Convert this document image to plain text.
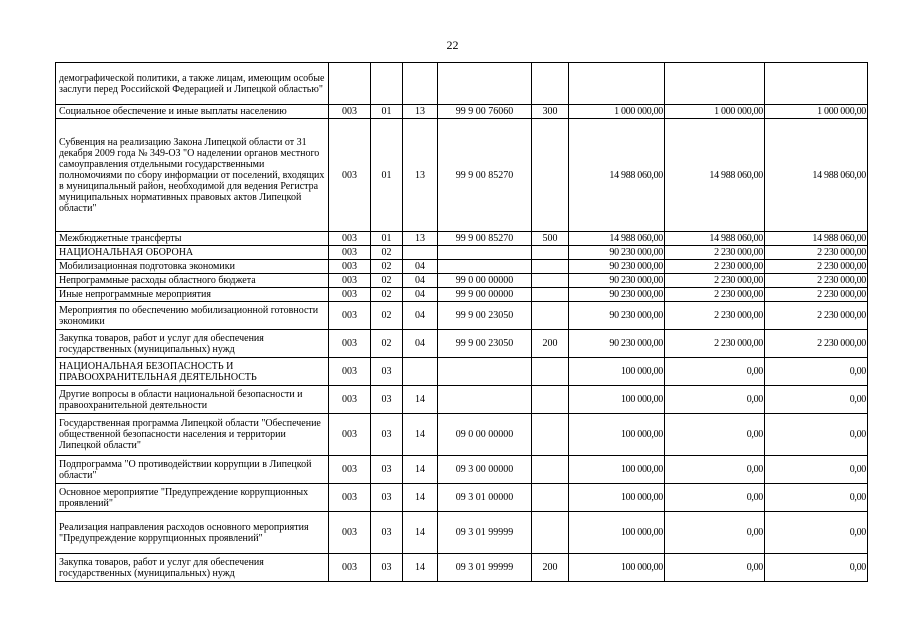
22
демографической политики, а также лицам, имеющим особые заслуги перед Российской Федерацией и Липецкой областью"								
Социальное обеспечение и иные выплаты населению	003	01	13	99 9 00 76060	300	1 000 000,00	1 000 000,00	1 000 000,00
Субвенция на реализацию Закона Липецкой области от 31 декабря 2009 года № 349-ОЗ "О наделении органов местного самоуправления отдельными государственными полномочиями по сбору информации от поселений, входящих в муниципальный район, необходимой для ведения Регистра муниципальных нормативных правовых актов Липецкой области"	003	01	13	99 9 00 85270		14 988 060,00	14 988 060,00	14 988 060,00
Межбюджетные трансферты	003	01	13	99 9 00 85270	500	14 988 060,00	14 988 060,00	14 988 060,00
НАЦИОНАЛЬНАЯ ОБОРОНА	003	02				90 230 000,00	2 230 000,00	2 230 000,00
Мобилизационная подготовка экономики	003	02	04			90 230 000,00	2 230 000,00	2 230 000,00
Непрограммные расходы областного бюджета	003	02	04	99 0 00 00000		90 230 000,00	2 230 000,00	2 230 000,00
Иные непрограммные мероприятия	003	02	04	99 9 00 00000		90 230 000,00	2 230 000,00	2 230 000,00
Мероприятия по обеспечению мобилизационной готовности экономики	003	02	04	99 9 00 23050		90 230 000,00	2 230 000,00	2 230 000,00
Закупка товаров, работ и услуг для обеспечения государственных (муниципальных) нужд	003	02	04	99 9 00 23050	200	90 230 000,00	2 230 000,00	2 230 000,00
НАЦИОНАЛЬНАЯ БЕЗОПАСНОСТЬ И ПРАВООХРАНИТЕЛЬНАЯ ДЕЯТЕЛЬНОСТЬ	003	03				100 000,00	0,00	0,00
Другие вопросы в области национальной безопасности и правоохранительной деятельности	003	03	14			100 000,00	0,00	0,00
Государственная программа Липецкой области "Обеспечение общественной безопасности населения и территории Липецкой области"	003	03	14	09 0 00 00000		100 000,00	0,00	0,00
Подпрограмма "О противодействии коррупции в Липецкой области"	003	03	14	09 3 00 00000		100 000,00	0,00	0,00
Основное мероприятие "Предупреждение коррупционных проявлений"	003	03	14	09 3 01 00000		100 000,00	0,00	0,00
Реализация направления расходов основного мероприятия "Предупреждение коррупционных проявлений"	003	03	14	09 3 01 99999		100 000,00	0,00	0,00
Закупка товаров, работ и услуг для обеспечения государственных (муниципальных) нужд	003	03	14	09 3 01 99999	200	100 000,00	0,00	0,00
